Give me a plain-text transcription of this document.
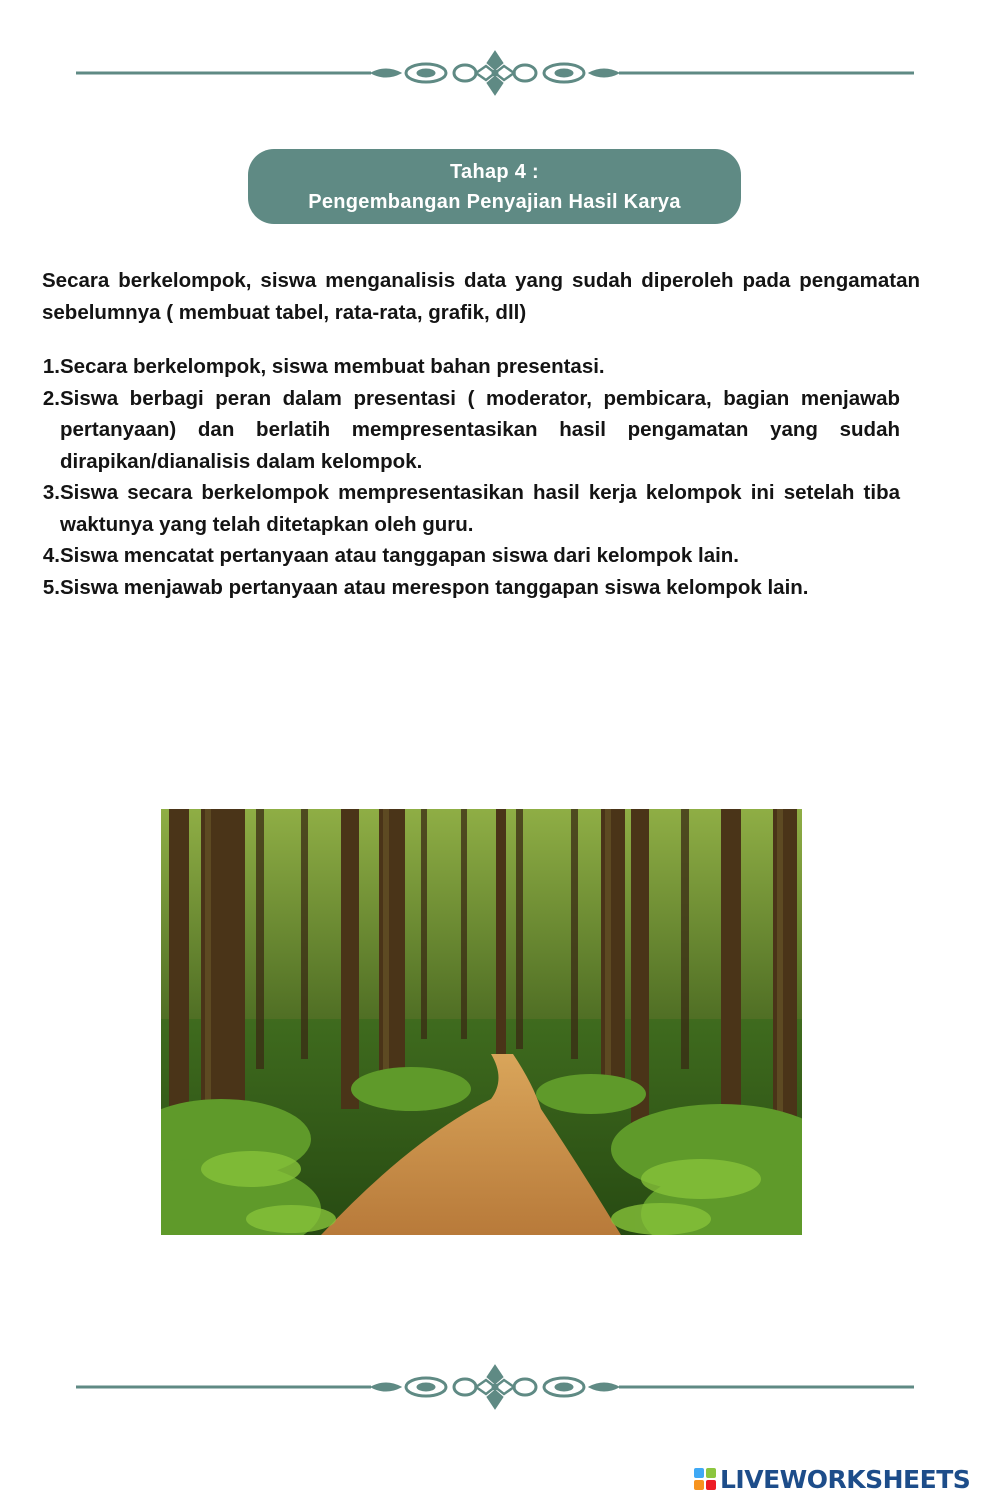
Tahap 4 :
Pengembangan Penyajian Hasil Karya
Secara berkelompok, siswa menganalisis data yang sudah diperoleh pada pengamatan sebelumnya ( membuat tabel, rata-rata, grafik, dll)
1. Secara berkelompok, siswa membuat bahan presentasi.
2. Siswa berbagi peran dalam presentasi ( moderator, pembicara, bagian menjawab pertanyaan) dan berlatih mempresentasikan hasil pengamatan yang sudah dirapikan/dianalisis dalam kelompok.
3. Siswa secara berkelompok mempresentasikan hasil kerja kelompok ini setelah tiba waktunya yang telah ditetapkan oleh guru.
4. Siswa mencatat pertanyaan atau tanggapan siswa dari kelompok lain.
5. Siswa menjawab pertanyaan atau merespon tanggapan siswa kelompok lain.
LIVEWORKSHEETS
